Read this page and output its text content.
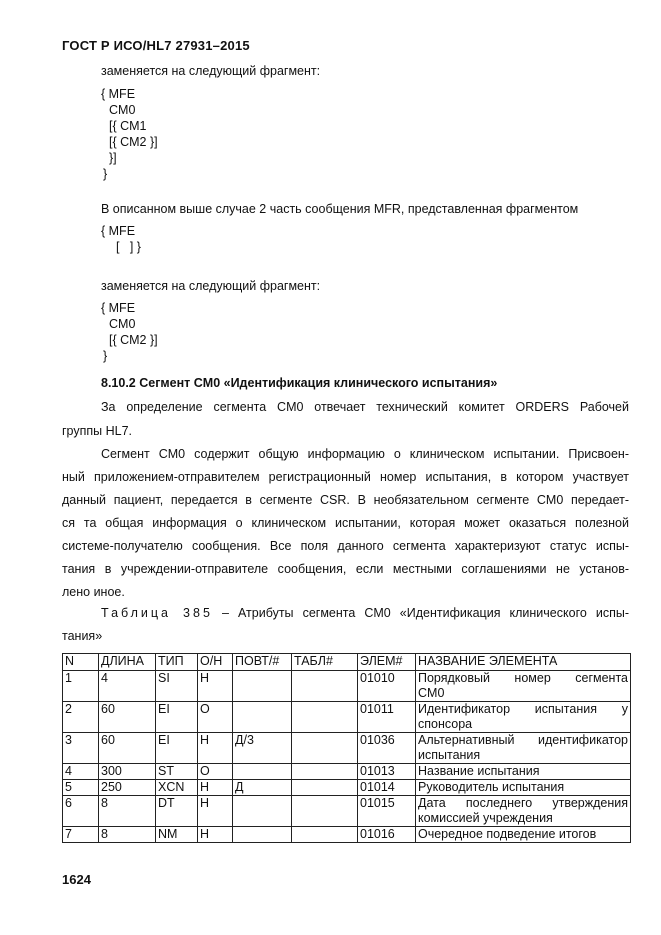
ГОСТ Р ИСО/HL7 27931–2015
заменяется на следующий фрагмент:
{ MFE
CM0
[{ CM1
[{ CM2 }]
}]
}
В описанном выше случае 2 часть сообщения MFR, представленная фрагментом
{ MFE
[   ] }
заменяется на следующий фрагмент:
{ MFE
CM0
[{ CM2 }]
}
8.10.2 Сегмент CM0 «Идентификация клинического испытания»
За определение сегмента CM0 отвечает технический комитет ORDERS Рабочей
группы HL7.
Сегмент CM0 содержит общую информацию о клиническом испытании. Присвоен-
ный приложением-отправителем регистрационный номер испытания, в котором участвует
данный пациент, передается в сегменте CSR. В необязательном сегменте CM0 передает-
ся та общая информация о клиническом испытании, которая может оказаться полезной
системе-получателю сообщения. Все поля данного сегмента характеризуют статус испы-
тания в учреждении-отправителе сообщения, если местными соглашениями не установ-
лено иное.
Таблица 385 – Атрибуты сегмента CM0 «Идентификация клинического испы-
тания»
N	ДЛИНА	ТИП	О/Н	ПОВТ/#	ТАБЛ#	ЭЛЕМ#	НАЗВАНИЕ ЭЛЕМЕНТА
1	4	SI	Н			01010	Порядковый номер сегмента
CM0

2	60	EI	О			01011	Идентификатор испытания у
спонсора

3	60	EI	Н	Д/3		01036	Альтернативный идентификатор
испытания

4	300	ST	О			01013	Название испытания
5	250	XCN	Н	Д		01014	Руководитель испытания
6	8	DT	Н			01015	Дата последнего утверждения
комиссией учреждения

7	8	NM	Н			01016	Очередное подведение итогов
1624
